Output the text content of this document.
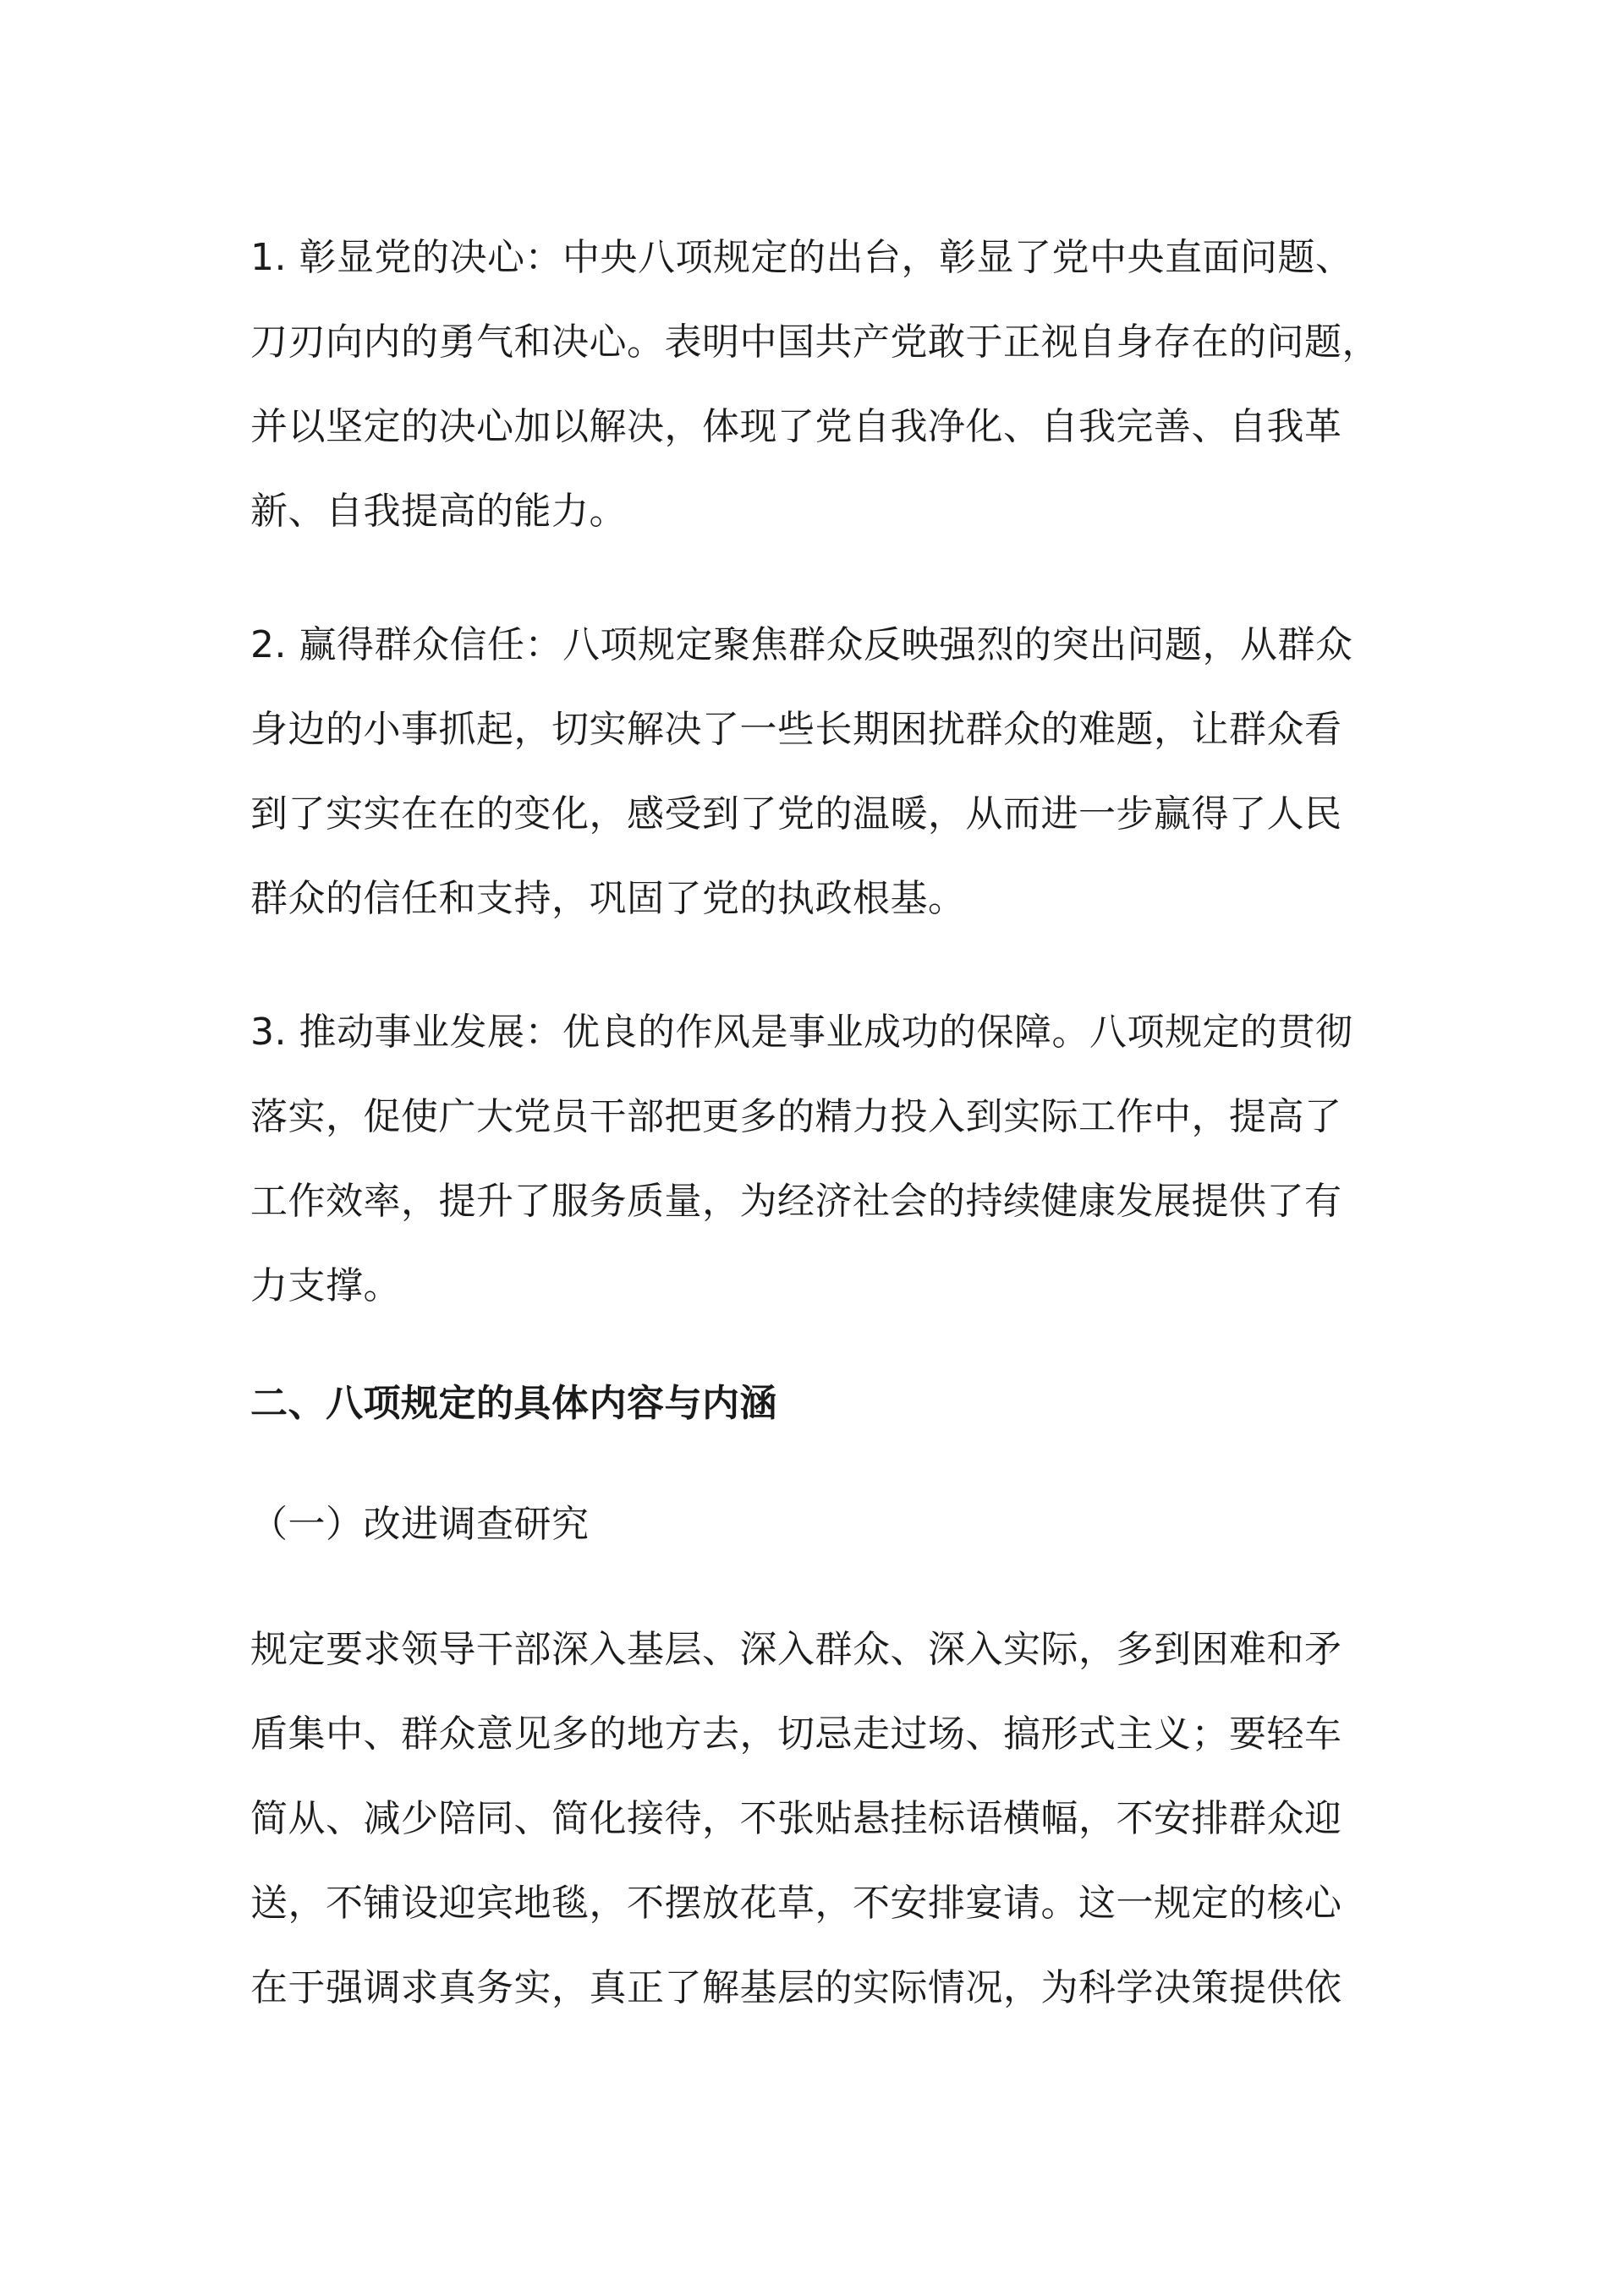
1. 彰显党的决心：中央八项规定的出台，彰显了党中央直面问题、
刀刃向内的勇气和决心。表明中国共产党敢于正视自身存在的问题，
并以坚定的决心加以解决，体现了党自我净化、自我完善、自我革
新、自我提高的能力。
2. 赢得群众信任：八项规定聚焦群众反映强烈的突出问题，从群众
身边的小事抓起，切实解决了一些长期困扰群众的难题，让群众看
到了实实在在的变化，感受到了党的温暖，从而进一步赢得了人民
群众的信任和支持，巩固了党的执政根基。
3. 推动事业发展：优良的作风是事业成功的保障。八项规定的贯彻
落实，促使广大党员干部把更多的精力投入到实际工作中，提高了
工作效率，提升了服务质量，为经济社会的持续健康发展提供了有
力支撑。
二、八项规定的具体内容与内涵
（一）改进调查研究
规定要求领导干部深入基层、深入群众、深入实际，多到困难和矛
盾集中、群众意见多的地方去，切忌走过场、搞形式主义；要轻车
简从、减少陪同、简化接待，不张贴悬挂标语横幅，不安排群众迎
送，不铺设迎宾地毯，不摆放花草，不安排宴请。这一规定的核心
在于强调求真务实，真正了解基层的实际情况，为科学决策提供依
